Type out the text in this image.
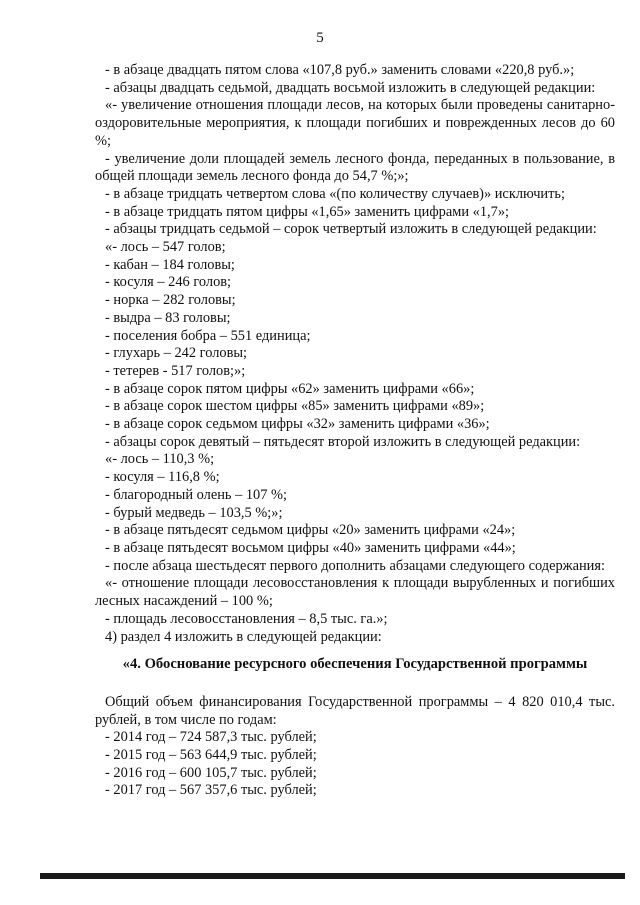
5

- в абзаце двадцать пятом слова «107,8 руб.» заменить словами «220,8 руб.»;

- абзацы двадцать седьмой, двадцать восьмой изложить в следующей редакции:

«- увеличение отношения площади лесов, на которых были проведены санитарно-оздоровительные мероприятия, к площади погибших и поврежденных лесов до 60 %;

- увеличение доли площадей земель лесного фонда, переданных в пользование, в общей площади земель лесного фонда до 54,7 %;»;

- в абзаце тридцать четвертом слова «(по количеству случаев)» исключить;

- в абзаце тридцать пятом цифры «1,65» заменить цифрами «1,7»;

- абзацы тридцать седьмой – сорок четвертый изложить в следующей редакции:

«- лось – 547 голов;

- кабан – 184 головы;

- косуля – 246 голов;

- норка – 282 головы;

- выдра – 83 головы;

- поселения бобра – 551 единица;

- глухарь – 242 головы;

- тетерев - 517 голов;»;

- в абзаце сорок пятом цифры «62» заменить цифрами «66»;

- в абзаце сорок шестом цифры «85» заменить цифрами «89»;

- в абзаце сорок седьмом цифры «32» заменить цифрами «36»;

- абзацы сорок девятый – пятьдесят второй изложить в следующей редакции:

«- лось – 110,3 %;

- косуля – 116,8 %;

- благородный олень – 107 %;

- бурый медведь – 103,5 %;»;

- в абзаце пятьдесят седьмом цифры «20» заменить цифрами «24»;

- в абзаце пятьдесят восьмом цифры «40» заменить цифрами «44»;

- после абзаца шестьдесят первого дополнить абзацами следующего содержания:

«- отношение площади лесовосстановления к площади вырубленных и погибших лесных насаждений – 100 %;

- площадь лесовосстановления – 8,5 тыс. га.»;

4) раздел 4 изложить в следующей редакции:

«4. Обоснование ресурсного обеспечения Государственной программы

Общий объем финансирования Государственной программы – 4 820 010,4 тыс. рублей, в том числе по годам:

- 2014 год – 724 587,3 тыс. рублей;

- 2015 год – 563 644,9 тыс. рублей;

- 2016 год – 600 105,7 тыс. рублей;

- 2017 год – 567 357,6 тыс. рублей;
